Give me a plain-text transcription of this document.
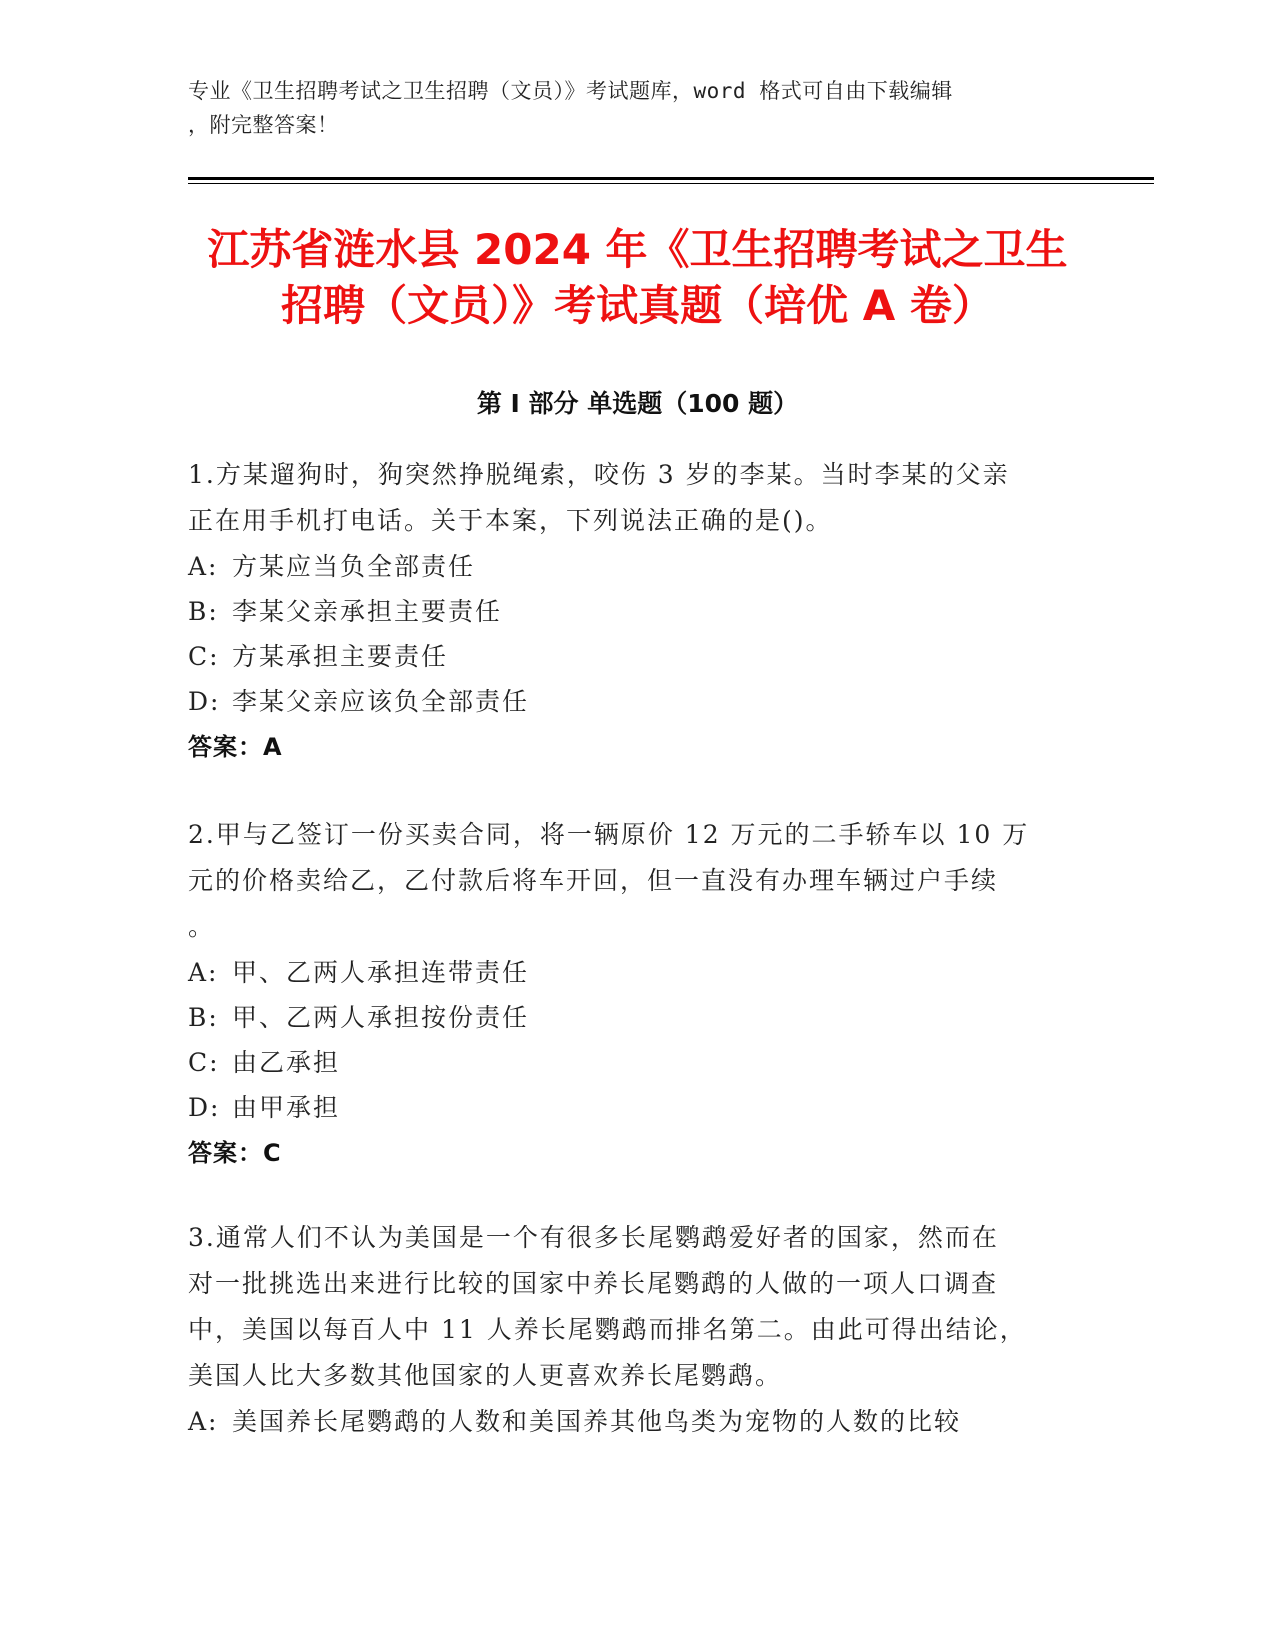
专业《卫生招聘考试之卫生招聘（文员）》考试题库，word 格式可自由下载编辑
，附完整答案！
江苏省涟水县 2024 年《卫生招聘考试之卫生
招聘（文员）》考试真题（培优 A 卷）
第 I 部分 单选题（100 题）
1.方某遛狗时，狗突然挣脱绳索，咬伤 3 岁的李某。当时李某的父亲
正在用手机打电话。关于本案，下列说法正确的是()。
A: 方某应当负全部责任
B: 李某父亲承担主要责任
C: 方某承担主要责任
D: 李某父亲应该负全部责任
答案：A
2.甲与乙签订一份买卖合同，将一辆原价 12 万元的二手轿车以 10 万
元的价格卖给乙，乙付款后将车开回，但一直没有办理车辆过户手续
。
A: 甲、乙两人承担连带责任
B: 甲、乙两人承担按份责任
C: 由乙承担
D: 由甲承担
答案：C
3.通常人们不认为美国是一个有很多长尾鹦鹉爱好者的国家，然而在
对一批挑选出来进行比较的国家中养长尾鹦鹉的人做的一项人口调查
中，美国以每百人中 11 人养长尾鹦鹉而排名第二。由此可得出结论，
美国人比大多数其他国家的人更喜欢养长尾鹦鹉。
A: 美国养长尾鹦鹉的人数和美国养其他鸟类为宠物的人数的比较
